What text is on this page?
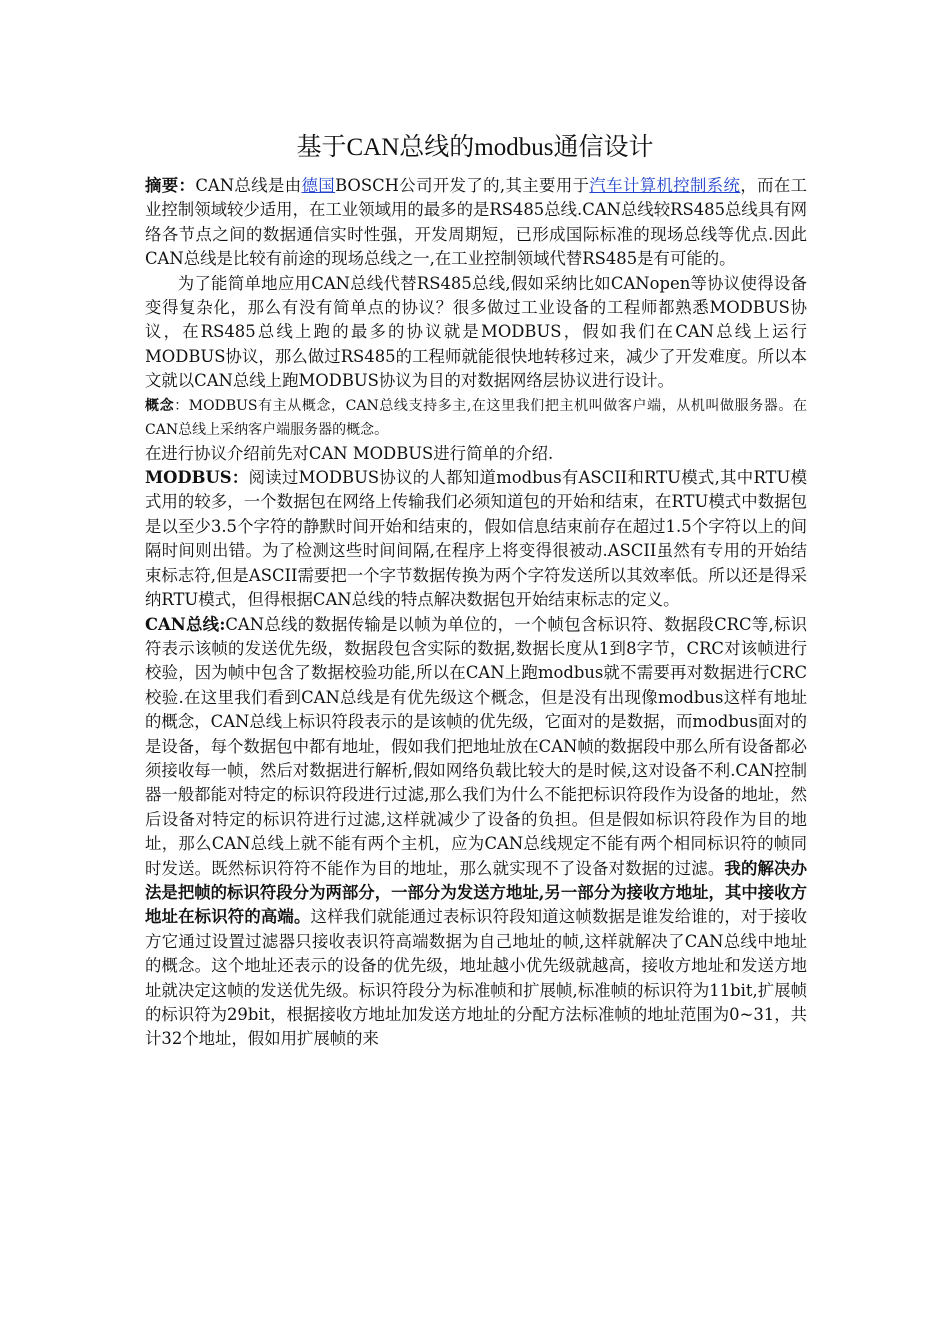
基于CAN总线的modbus通信设计

摘要：CAN总线是由德国BOSCH公司开发了的,其主要用于汽车计算机控制系统，而在工业控制领域较少适用，在工业领域用的最多的是RS485总线.CAN总线较RS485总线具有网络各节点之间的数据通信实时性强，开发周期短，已形成国际标准的现场总线等优点.因此CAN总线是比较有前途的现场总线之一,在工业控制领域代替RS485是有可能的。

为了能简单地应用CAN总线代替RS485总线,假如采纳比如CANopen等协议使得设备变得复杂化，那么有没有简单点的协议？很多做过工业设备的工程师都熟悉MODBUS协议，在RS485总线上跑的最多的协议就是MODBUS，假如我们在CAN总线上运行MODBUS协议，那么做过RS485的工程师就能很快地转移过来，减少了开发难度。所以本文就以CAN总线上跑MODBUS协议为目的对数据网络层协议进行设计。

概念：MODBUS有主从概念，CAN总线支持多主,在这里我们把主机叫做客户端，从机叫做服务器。在CAN总线上采纳客户端服务器的概念。

在进行协议介绍前先对CAN MODBUS进行简单的介绍.

MODBUS：阅读过MODBUS协议的人都知道modbus有ASCII和RTU模式,其中RTU模式用的较多，一个数据包在网络上传输我们必须知道包的开始和结束，在RTU模式中数据包是以至少3.5个字符的静默时间开始和结束的，假如信息结束前存在超过1.5个字符以上的间隔时间则出错。为了检测这些时间间隔,在程序上将变得很被动.ASCII虽然有专用的开始结束标志符,但是ASCII需要把一个字节数据传换为两个字符发送所以其效率低。所以还是得采纳RTU模式，但得根据CAN总线的特点解决数据包开始结束标志的定义。

CAN总线:CAN总线的数据传输是以帧为单位的，一个帧包含标识符、数据段CRC等,标识符表示该帧的发送优先级，数据段包含实际的数据,数据长度从1到8字节，CRC对该帧进行校验，因为帧中包含了数据校验功能,所以在CAN上跑modbus就不需要再对数据进行CRC校验.在这里我们看到CAN总线是有优先级这个概念，但是没有出现像modbus这样有地址的概念，CAN总线上标识符段表示的是该帧的优先级，它面对的是数据，而modbus面对的是设备，每个数据包中都有地址，假如我们把地址放在CAN帧的数据段中那么所有设备都必须接收每一帧，然后对数据进行解析,假如网络负载比较大的是时候,这对设备不利.CAN控制器一般都能对特定的标识符段进行过滤,那么我们为什么不能把标识符段作为设备的地址，然后设备对特定的标识符进行过滤,这样就减少了设备的负担。但是假如标识符段作为目的地址，那么CAN总线上就不能有两个主机，应为CAN总线规定不能有两个相同标识符的帧同时发送。既然标识符符不能作为目的地址，那么就实现不了设备对数据的过滤。我的解决办法是把帧的标识符段分为两部分，一部分为发送方地址,另一部分为接收方地址，其中接收方地址在标识符的高端。这样我们就能通过表标识符段知道这帧数据是谁发给谁的，对于接收方它通过设置过滤器只接收表识符高端数据为自己地址的帧,这样就解决了CAN总线中地址的概念。这个地址还表示的设备的优先级，地址越小优先级就越高，接收方地址和发送方地址就决定这帧的发送优先级。标识符段分为标准帧和扩展帧,标准帧的标识符为11bit,扩展帧的标识符为29bit，根据接收方地址加发送方地址的分配方法标准帧的地址范围为0~31，共计32个地址，假如用扩展帧的来
